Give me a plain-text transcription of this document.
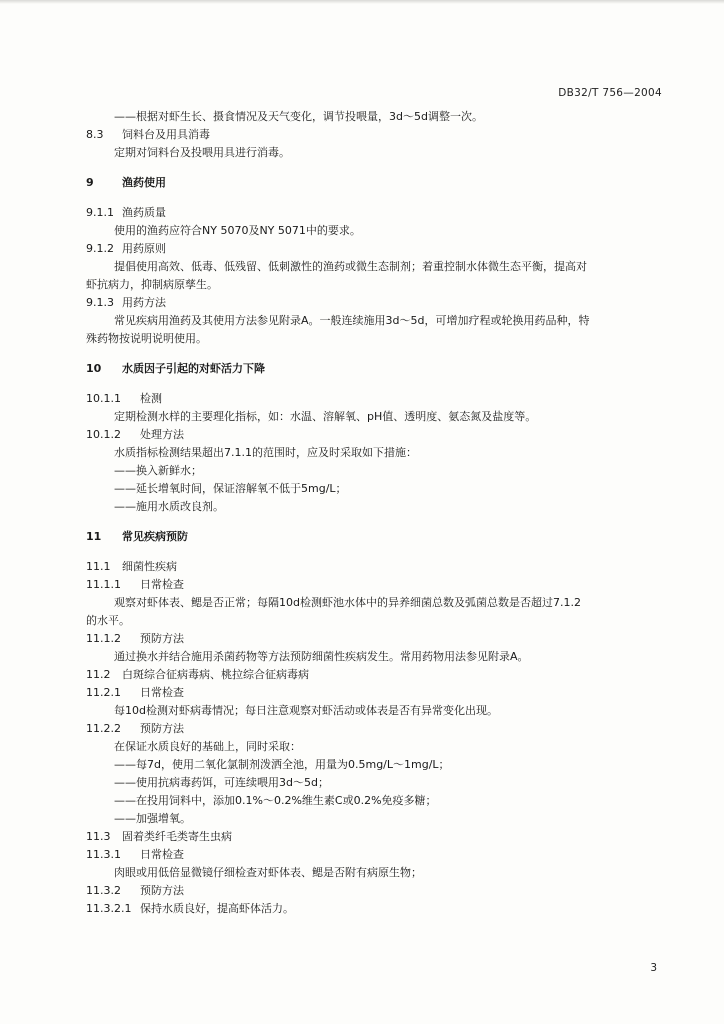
DB32/T 756—2004
——根据对虾生长、摄食情况及天气变化，调节投喂量，3d～5d调整一次。
8.3 饲料台及用具消毒
定期对饲料台及投喂用具进行消毒。
9	渔药使用
9.1.1 渔药质量
使用的渔药应符合NY 5070及NY 5071中的要求。
9.1.2 用药原则
提倡使用高效、低毒、低残留、低刺激性的渔药或微生态制剂；着重控制水体微生态平衡，提高对
虾抗病力，抑制病原孳生。
9.1.3 用药方法
常见疾病用渔药及其使用方法参见附录A。一般连续施用3d～5d，可增加疗程或轮换用药品种，特
殊药物按说明说明使用。
10 水质因子引起的对虾活力下降
10.1.1 检测
定期检测水样的主要理化指标，如：水温、溶解氧、pH值、透明度、氨态氮及盐度等。
10.1.2 处理方法
水质指标检测结果超出7.1.1的范围时，应及时采取如下措施：
——换入新鲜水；
——延长增氧时间，保证溶解氧不低于5mg/L；
——施用水质改良剂。
11 常见疾病预防
11.1 细菌性疾病
11.1.1 日常检查
观察对虾体表、鳃是否正常；每隔10d检测虾池水体中的异养细菌总数及弧菌总数是否超过7.1.2
的水平。
11.1.2 预防方法
通过换水并结合施用杀菌药物等方法预防细菌性疾病发生。常用药物用法参见附录A。
11.2 白斑综合征病毒病、桃拉综合征病毒病
11.2.1 日常检查
每10d检测对虾病毒情况；每日注意观察对虾活动或体表是否有异常变化出现。
11.2.2 预防方法
在保证水质良好的基础上，同时采取：
——每7d，使用二氧化氯制剂泼洒全池，用量为0.5mg/L～1mg/L；
——使用抗病毒药饵，可连续喂用3d～5d；
——在投用饲料中，添加0.1%～0.2%维生素C或0.2%免疫多糖；
——加强增氧。
11.3 固着类纤毛类寄生虫病
11.3.1 日常检查
肉眼或用低倍显微镜仔细检查对虾体表、鳃是否附有病原生物；
11.3.2 预防方法
11.3.2.1 保持水质良好，提高虾体活力。
3
